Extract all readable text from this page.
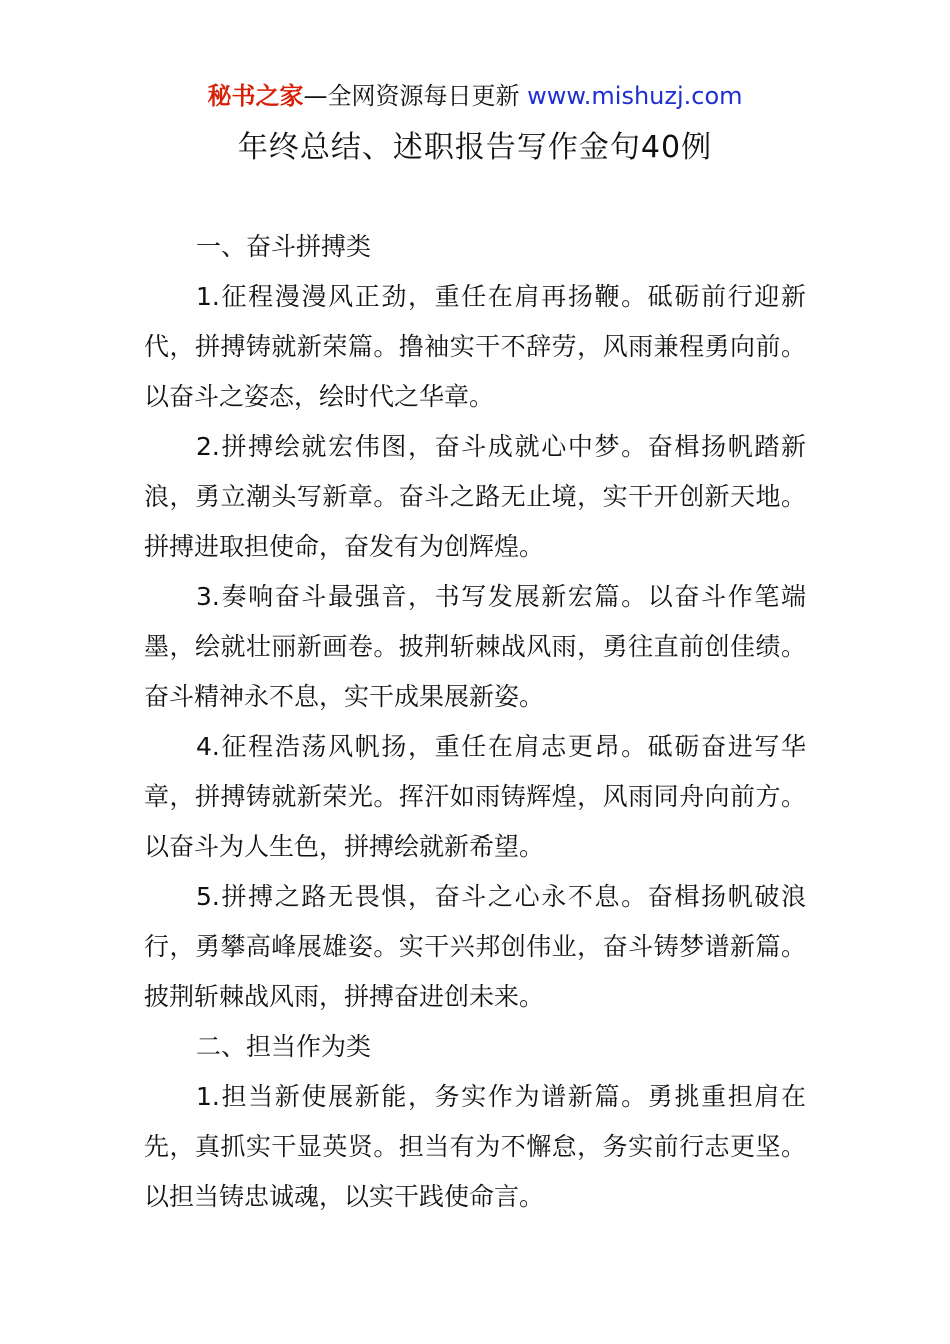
秘书之家—全网资源每日更新 www.mishuzj.com
年终总结、述职报告写作金句40例

一、奋斗拼搏类

1.征程漫漫风正劲，重任在肩再扬鞭。砥砺前行迎新代，拼搏铸就新荣篇。撸袖实干不辞劳，风雨兼程勇向前。以奋斗之姿态，绘时代之华章。

2.拼搏绘就宏伟图，奋斗成就心中梦。奋楫扬帆踏新浪，勇立潮头写新章。奋斗之路无止境，实干开创新天地。拼搏进取担使命，奋发有为创辉煌。

3.奏响奋斗最强音，书写发展新宏篇。以奋斗作笔端墨，绘就壮丽新画卷。披荆斩棘战风雨，勇往直前创佳绩。奋斗精神永不息，实干成果展新姿。

4.征程浩荡风帆扬，重任在肩志更昂。砥砺奋进写华章，拼搏铸就新荣光。挥汗如雨铸辉煌，风雨同舟向前方。以奋斗为人生色，拼搏绘就新希望。

5.拼搏之路无畏惧，奋斗之心永不息。奋楫扬帆破浪行，勇攀高峰展雄姿。实干兴邦创伟业，奋斗铸梦谱新篇。披荆斩棘战风雨，拼搏奋进创未来。

二、担当作为类

1.担当新使展新能，务实作为谱新篇。勇挑重担肩在先，真抓实干显英贤。担当有为不懈怠，务实前行志更坚。以担当铸忠诚魂，以实干践使命言。
